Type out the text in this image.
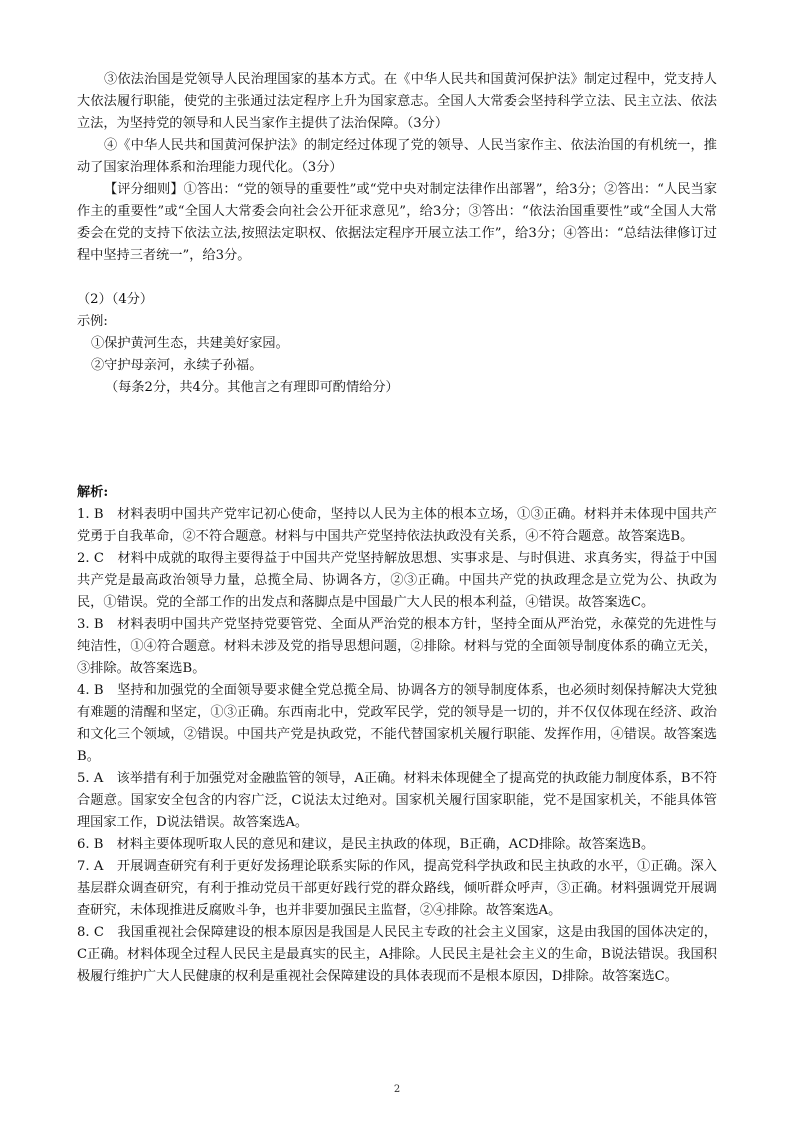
③依法治国是党领导人民治理国家的基本方式。在《中华人民共和国黄河保护法》制定过程中，党支持人大依法履行职能，使党的主张通过法定程序上升为国家意志。全国人大常委会坚持科学立法、民主立法、依法立法，为坚持党的领导和人民当家作主提供了法治保障。（3分）

④《中华人民共和国黄河保护法》的制定经过体现了党的领导、人民当家作主、依法治国的有机统一，推动了国家治理体系和治理能力现代化。（3分）

【评分细则】①答出：“党的领导的重要性”或“党中央对制定法律作出部署”，给3分；②答出：“人民当家作主的重要性”或“全国人大常委会向社会公开征求意见”，给3分；③答出：“依法治国重要性”或“全国人大常委会在党的支持下依法立法,按照法定职权、依据法定程序开展立法工作”，给3分；④答出：“总结法律修订过程中坚持三者统一”，给3分。

（2）（4分）

示例:

①保护黄河生态，共建美好家园。

②守护母亲河，永续子孙福。

（每条2分，共4分。其他言之有理即可酌情给分）

解析:

1. B　材料表明中国共产党牢记初心使命，坚持以人民为主体的根本立场，①③正确。材料并未体现中国共产党勇于自我革命，②不符合题意。材料与中国共产党坚持依法执政没有关系，④不符合题意。故答案选B。

2. C　材料中成就的取得主要得益于中国共产党坚持解放思想、实事求是、与时俱进、求真务实，得益于中国共产党是最高政治领导力量，总揽全局、协调各方，②③正确。中国共产党的执政理念是立党为公、执政为民，①错误。党的全部工作的出发点和落脚点是中国最广大人民的根本利益，④错误。故答案选C。

3. B　材料表明中国共产党坚持党要管党、全面从严治党的根本方针，坚持全面从严治党，永葆党的先进性与纯洁性，①④符合题意。材料未涉及党的指导思想问题，②排除。材料与党的全面领导制度体系的确立无关，③排除。故答案选B。

4. B　坚持和加强党的全面领导要求健全党总揽全局、协调各方的领导制度体系，也必须时刻保持解决大党独有难题的清醒和坚定，①③正确。东西南北中，党政军民学，党的领导是一切的，并不仅仅体现在经济、政治和文化三个领域，②错误。中国共产党是执政党，不能代替国家机关履行职能、发挥作用，④错误。故答案选B。

5. A　该举措有利于加强党对金融监管的领导，A正确。材料未体现健全了提高党的执政能力制度体系，B不符合题意。国家安全包含的内容广泛，C说法太过绝对。国家机关履行国家职能，党不是国家机关，不能具体管理国家工作，D说法错误。故答案选A。

6. B　材料主要体现听取人民的意见和建议，是民主执政的体现，B正确，ACD排除。故答案选B。

7. A　开展调查研究有利于更好发扬理论联系实际的作风，提高党科学执政和民主执政的水平，①正确。深入基层群众调查研究，有利于推动党员干部更好践行党的群众路线，倾听群众呼声，③正确。材料强调党开展调查研究，未体现推进反腐败斗争，也并非要加强民主监督，②④排除。故答案选A。

8. C　我国重视社会保障建设的根本原因是我国是人民民主专政的社会主义国家，这是由我国的国体决定的，C正确。材料体现全过程人民民主是最真实的民主，A排除。人民民主是社会主义的生命，B说法错误。我国积极履行维护广大人民健康的权利是重视社会保障建设的具体表现而不是根本原因，D排除。故答案选C。

2
